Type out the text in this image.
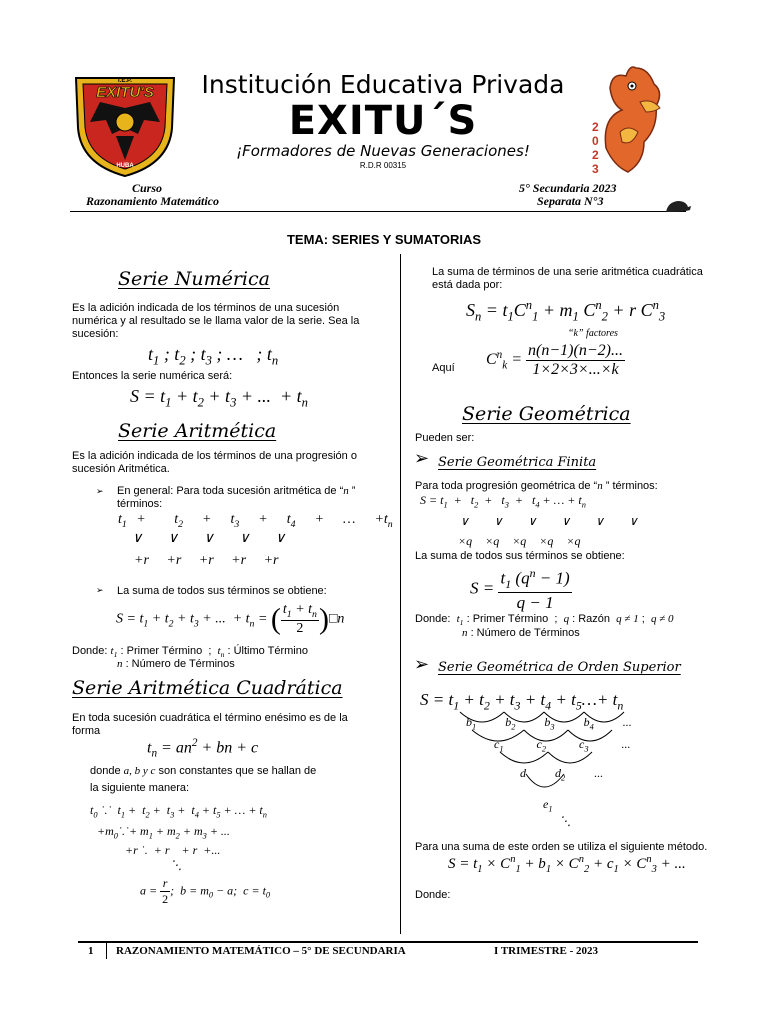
I.E.P.
EXITU'S
HUBA
Institución Educativa Privada
EXITU´S
¡Formadores de Nuevas Generaciones!
R.D.R 00315
2
0
2
3
Curso
Razonamiento Matemático
5° Secundaria 2023
Separata N°3
TEMA: SERIES Y SUMATORIAS
Serie Numérica
Es la adición indicada de los términos de una sucesión numérica y al resultado se le llama valor de la serie. Sea la sucesión:
$t_1$ ; $t_2$ ; $t_3$ ; …   ; $t_n$
Entonces la serie numérica será:
$S = t_1 + t_2 + t_3$ + ...  + $t_n$
Serie Aritmética
Es la adición indicada de los términos de una progresión o sucesión Aritmética.
➢ En general: Para toda sucesión aritmética de “n ”
términos:
$t_1 + t_2 + t_3 + t_4$  +  …  $+t_n$
∨ ∨ ∨ ∨ ∨
+r +r +r +r +r
➢ La suma de todos sus términos se obtiene:
$S = t_1 + t_2 + t_3$ + ...  + $t_n$ = ( $\frac{t_1 + t_n}{2}$ )□n
Donde: $t_1$ : Primer Término  ;  $t_n$ : Último Término
n : Número de Términos
Serie Aritmética Cuadrática
En toda sucesión cuadrática el término enésimo es de la forma
$t_n = an^2$ + bn + c
donde a, b y c son constantes que se hallan de
la siguiente manera:
$t_0$ ˙.˙  $t_1 + t_2 + t_3 + t_4 + t_5$ + … + $t_n$
$+m_0˙.˙+ m_1 + m_2 + m_3$ + ...
+r ˙.  + r    + r  +...
⋱
$a = \frac{r}{2}$ ;  $b = m_0 - a$;  $c = t_0$
La suma de términos de una serie aritmética cuadrática está dada por:
$S_n = t_1C^n_1 + m_1$ $C^n_2 + r$ $C^n_3$
“k” factores
Aquí $C^n_k = \frac{n(n-1)(n-2)...}{1\times 2\times 3\times...\times k}$
Serie Geométrica
Pueden ser:
➢ Serie Geométrica Finita
Para toda progresión geométrica de “n ” términos:
$S = t_1 + t_2 + t_3 + t_4$ + … + $t_n$
∨ ∨ ∨ ∨ ∨ ∨
La suma de todos sus términos se obtiene:
×q ×q ×q ×q ×q
$S = \frac{t_1 (q^n - 1)}{q - 1}$
Donde: $t_1$ : Primer Término  ;  q : Razón q ≠ 1 ;  q ≠ 0
n : Número de Términos
➢ Serie Geométrica de Orden Superior
$S = t_1 + t_2 + t_3 + t_4$ + $t_5\dots+ t_n$
$b_1$ $b_2$ $b_3$ $b_4$ ...
$c_1$ $c_2$ $c_3$ ...
d $d_2$ ...
$e_1$
⋱
Para una suma de este orden se utiliza el siguiente método.
$S = t_1 \times C^n_1 + b_1 \times C^n_2 + c_1 \times C^n_3$ + ...
Donde:
1 RAZONAMIENTO MATEMÁTICO – 5° DE SECUNDARIA	I TRIMESTRE - 2023
